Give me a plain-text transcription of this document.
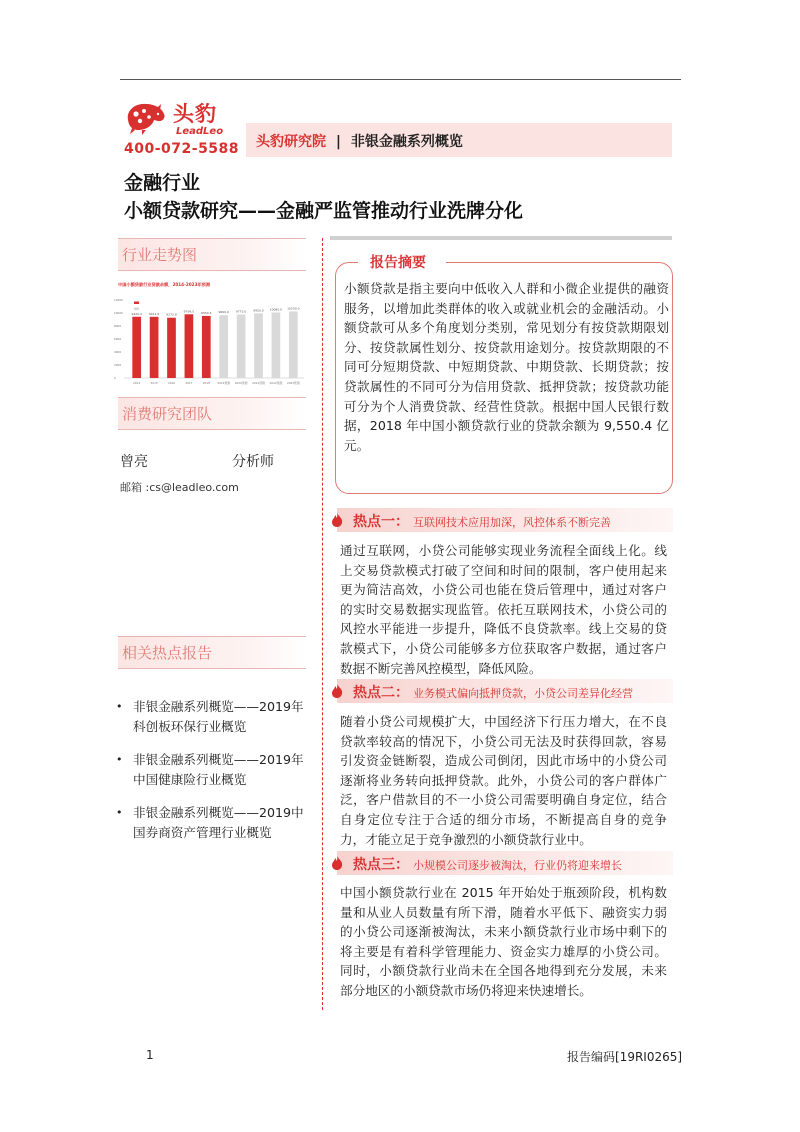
头豹
LeadLeo
400-072-5588 头豹研究院 | 非银金融系列概览
金融行业
小额贷款研究——金融严监管推动行业洗牌分化
行业走势图
中国小额贷款行业贷款余额，2014-2023年预测
0
2000
4000
6000
8000
10000
12000
9420.4
2014
9411.5
2015
9272.8
2016
9799.5
2017
9550.4
2018
9660.0
2019预测
9775.0
2020预测
9950.0
2021预测
10080.0
2022预测
10250.0
2023预测
消费研究团队
曾亮	分析师
邮箱 :cs@leadleo.com
相关热点报告
• 非银金融系列概览——2019年科创板环保行业概览
• 非银金融系列概览——2019年中国健康险行业概览
• 非银金融系列概览——2019中国券商资产管理行业概览
小额贷款是指主要向中低收入人群和小微企业提供的融资服务，以增加此类群体的收入或就业机会的金融活动。小额贷款可从多个角度划分类别，常见划分有按贷款期限划分、按贷款属性划分、按贷款用途划分。按贷款期限的不同可分短期贷款、中短期贷款、中期贷款、长期贷款；按贷款属性的不同可分为信用贷款、抵押贷款；按贷款功能可分为个人消费贷款、经营性贷款。根据中国人民银行数据，2018 年中国小额贷款行业的贷款余额为 9,550.4 亿元。
报告摘要
热点一： 互联网技术应用加深，风控体系不断完善
通过互联网，小贷公司能够实现业务流程全面线上化。线上交易贷款模式打破了空间和时间的限制，客户使用起来更为简洁高效，小贷公司也能在贷后管理中，通过对客户的实时交易数据实现监管。依托互联网技术，小贷公司的风控水平能进一步提升，降低不良贷款率。线上交易的贷款模式下，小贷公司能够多方位获取客户数据，通过客户数据不断完善风控模型，降低风险。
热点二： 业务模式偏向抵押贷款，小贷公司差异化经营
随着小贷公司规模扩大，中国经济下行压力增大，在不良贷款率较高的情况下，小贷公司无法及时获得回款，容易引发资金链断裂，造成公司倒闭，因此市场中的小贷公司逐渐将业务转向抵押贷款。此外，小贷公司的客户群体广泛，客户借款目的不一小贷公司需要明确自身定位，结合自身定位专注于合适的细分市场，不断提高自身的竞争力，才能立足于竞争激烈的小额贷款行业中。
热点三： 小规模公司逐步被淘汰，行业仍将迎来增长
中国小额贷款行业在 2015 年开始处于瓶颈阶段，机构数量和从业人员数量有所下滑，随着水平低下、融资实力弱的小贷公司逐渐被淘汰，未来小额贷款行业市场中剩下的将主要是有着科学管理能力、资金实力雄厚的小贷公司。同时，小额贷款行业尚未在全国各地得到充分发展，未来部分地区的小额贷款市场仍将迎来快速增长。
1	报告编码[19RI0265]
